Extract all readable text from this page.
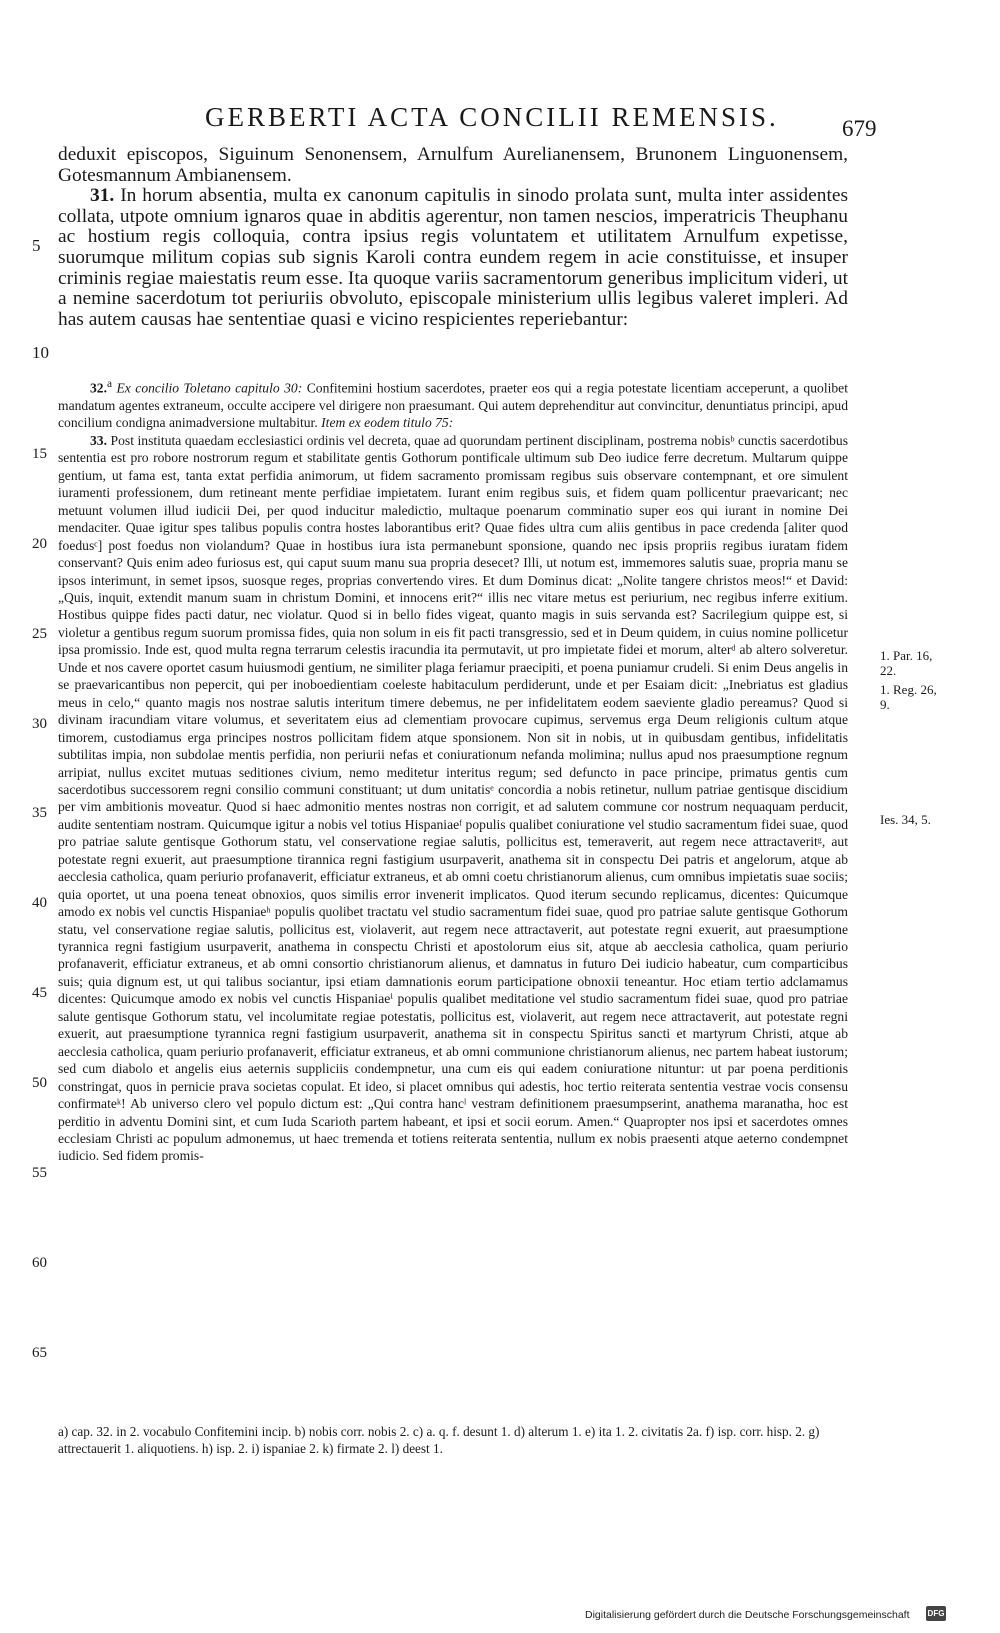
GERBERTI ACTA CONCILII REMENSIS.	679

deduxit episcopos, Siguinum Senonensem, Arnulfum Aurelianensem, Brunonem Linguonensem, Gotesmannum Ambianensem.

31. In horum absentia, multa ex canonum capitulis in sinodo prolata sunt, multa inter assidentes collata, utpote omnium ignaros quae in abditis agerentur, non tamen nescios, imperatricis Theuphanu ac hostium regis colloquia, contra ipsius regis voluntatem et utilitatem Arnulfum expetisse, suorumque militum copias sub signis Karoli contra eundem regem in acie constituisse, et insuper criminis regiae maiestatis reum esse. Ita quoque variis sacramentorum generibus implicitum videri, ut a nemine sacerdotum tot periuriis obvoluto, episcopale ministerium ullis legibus valeret impleri. Ad has autem causas hae sententiae quasi e vicino respicientes reperiebantur:

32.$^a$ Ex concilio Toletano capitulo 30: Confitemini hostium sacerdotes, praeter eos qui a regia potestate licentiam acceperunt, a quolibet mandatum agentes extraneum, occulte accipere vel dirigere non praesumant. Qui autem deprehenditur aut convincitur, denuntiatus principi, apud concilium condigna animadversione multabitur. Item ex eodem titulo 75:

33. Post instituta quaedam ecclesiastici ordinis vel decreta, quae ad quorundam pertinent disciplinam, postrema nobisᵇ cunctis sacerdotibus sententia est pro robore nostrorum regum et stabilitate gentis Gothorum pontificale ultimum sub Deo iudice ferre decretum. Multarum quippe gentium, ut fama est, tanta extat perfidia animorum, ut fidem sacramento promissam regibus suis observare contempnant, et ore simulent iuramenti professionem, dum retineant mente perfidiae impietatem. Iurant enim regibus suis, et fidem quam pollicentur praevaricant; nec metuunt volumen illud iudicii Dei, per quod inducitur maledictio, multaque poenarum comminatio super eos qui iurant in nomine Dei mendaciter. Quae igitur spes talibus populis contra hostes laborantibus erit? Quae fides ultra cum aliis gentibus in pace credenda [aliter quod foedusᶜ] post foedus non violandum? Quae in hostibus iura ista permanebunt sponsione, quando nec ipsis propriis regibus iuratam fidem conservant? Quis enim adeo furiosus est, qui caput suum manu sua propria desecet? Illi, ut notum est, immemores salutis suae, propria manu se ipsos interimunt, in semet ipsos, suosque reges, proprias convertendo vires. Et dum Dominus dicat: „Nolite tangere christos meos!“ et David: „Quis, inquit, extendit manum suam in christum Domini, et innocens erit?“ illis nec vitare metus est periurium, nec regibus inferre exitium. Hostibus quippe fides pacti datur, nec violatur. Quod si in bello fides vigeat, quanto magis in suis servanda est? Sacrilegium quippe est, si violetur a gentibus regum suorum promissa fides, quia non solum in eis fit pacti transgressio, sed et in Deum quidem, in cuius nomine pollicetur ipsa promissio. Inde est, quod multa regna terrarum celestis iracundia ita permutavit, ut pro impietate fidei et morum, alterᵈ ab altero solveretur. Unde et nos cavere oportet casum huiusmodi gentium, ne similiter plaga feriamur praecipiti, et poena puniamur crudeli. Si enim Deus angelis in se praevaricantibus non pepercit, qui per inoboedientiam coeleste habitaculum perdiderunt, unde et per Esaiam dicit: „Inebriatus est gladius meus in celo,“ quanto magis nos nostrae salutis interitum timere debemus, ne per infidelitatem eodem saeviente gladio pereamus? Quod si divinam iracundiam vitare volumus, et severitatem eius ad clementiam provocare cupimus, servemus erga Deum religionis cultum atque timorem, custodiamus erga principes nostros pollicitam fidem atque sponsionem. Non sit in nobis, ut in quibusdam gentibus, infidelitatis subtilitas impia, non subdolae mentis perfidia, non periurii nefas et coniurationum nefanda molimina; nullus apud nos praesumptione regnum arripiat, nullus excitet mutuas seditiones civium, nemo meditetur interitus regum; sed defuncto in pace principe, primatus gentis cum sacerdotibus successorem regni consilio communi constituant; ut dum unitatisᵉ concordia a nobis retinetur, nullum patriae gentisque discidium per vim ambitionis moveatur. Quod si haec admonitio mentes nostras non corrigit, et ad salutem commune cor nostrum nequaquam perducit, audite sententiam nostram. Quicumque igitur a nobis vel totius Hispaniaeᶠ populis qualibet coniuratione vel studio sacramentum fidei suae, quod pro patriae salute gentisque Gothorum statu, vel conservatione regiae salutis, pollicitus est, temeraverit, aut regem nece attractaveritᵍ, aut potestate regni exuerit, aut praesumptione tirannica regni fastigium usurpaverit, anathema sit in conspectu Dei patris et angelorum, atque ab aecclesia catholica, quam periurio profanaverit, efficiatur extraneus, et ab omni coetu christianorum alienus, cum omnibus impietatis suae sociis; quia oportet, ut una poena teneat obnoxios, quos similis error invenerit implicatos. Quod iterum secundo replicamus, dicentes: Quicumque amodo ex nobis vel cunctis Hispaniaeʰ populis quolibet tractatu vel studio sacramentum fidei suae, quod pro patriae salute gentisque Gothorum statu, vel conservatione regiae salutis, pollicitus est, violaverit, aut regem nece attractaverit, aut potestate regni exuerit, aut praesumptione tyrannica regni fastigium usurpaverit, anathema in conspectu Christi et apostolorum eius sit, atque ab aecclesia catholica, quam periurio profanaverit, efficiatur extraneus, et ab omni consortio christianorum alienus, et damnatus in futuro Dei iudicio habeatur, cum comparticibus suis; quia dignum est, ut qui talibus sociantur, ipsi etiam damnationis eorum participatione obnoxii teneantur. Hoc etiam tertio adclamamus dicentes: Quicumque amodo ex nobis vel cunctis Hispaniaeⁱ populis qualibet meditatione vel studio sacramentum fidei suae, quod pro patriae salute gentisque Gothorum statu, vel incolumitate regiae potestatis, pollicitus est, violaverit, aut regem nece attractaverit, aut potestate regni exuerit, aut praesumptione tyrannica regni fastigium usurpaverit, anathema sit in conspectu Spiritus sancti et martyrum Christi, atque ab aecclesia catholica, quam periurio profanaverit, efficiatur extraneus, et ab omni communione christianorum alienus, nec partem habeat iustorum; sed cum diabolo et angelis eius aeternis suppliciis condempnetur, una cum eis qui eadem coniuratione nituntur: ut par poena perditionis constringat, quos in pernicie prava societas copulat. Et ideo, si placet omnibus qui adestis, hoc tertio reiterata sententia vestrae vocis consensu confirmateᵏ! Ab universo clero vel populo dictum est: „Qui contra hancˡ vestram definitionem praesumpserint, anathema maranatha, hoc est perditio in adventu Domini sint, et cum Iuda Scarioth partem habeant, et ipsi et socii eorum. Amen.“ Quapropter nos ipsi et sacerdotes omnes ecclesiam Christi ac populum admonemus, ut haec tremenda et totiens reiterata sententia, nullum ex nobis praesenti atque aeterno condempnet iudicio. Sed fidem promis-

5
10
15
20
25
30
35
40
45
50
55
60
65
1. Par. 16, 22.
1. Reg. 26, 9.
Ies. 34, 5.
a) cap. 32. in 2. vocabulo Confitemini incip. b) nobis corr. nobis 2. c) a. q. f. desunt 1. d) alterum 1. e) ita 1. 2. civitatis 2a. f) isp. corr. hisp. 2. g) attrectauerit 1. aliquotiens. h) isp. 2. i) ispaniae 2. k) firmate 2. l) deest 1.
Digitalisierung gefördert durch die Deutsche Forschungsgemeinschaft DFG
